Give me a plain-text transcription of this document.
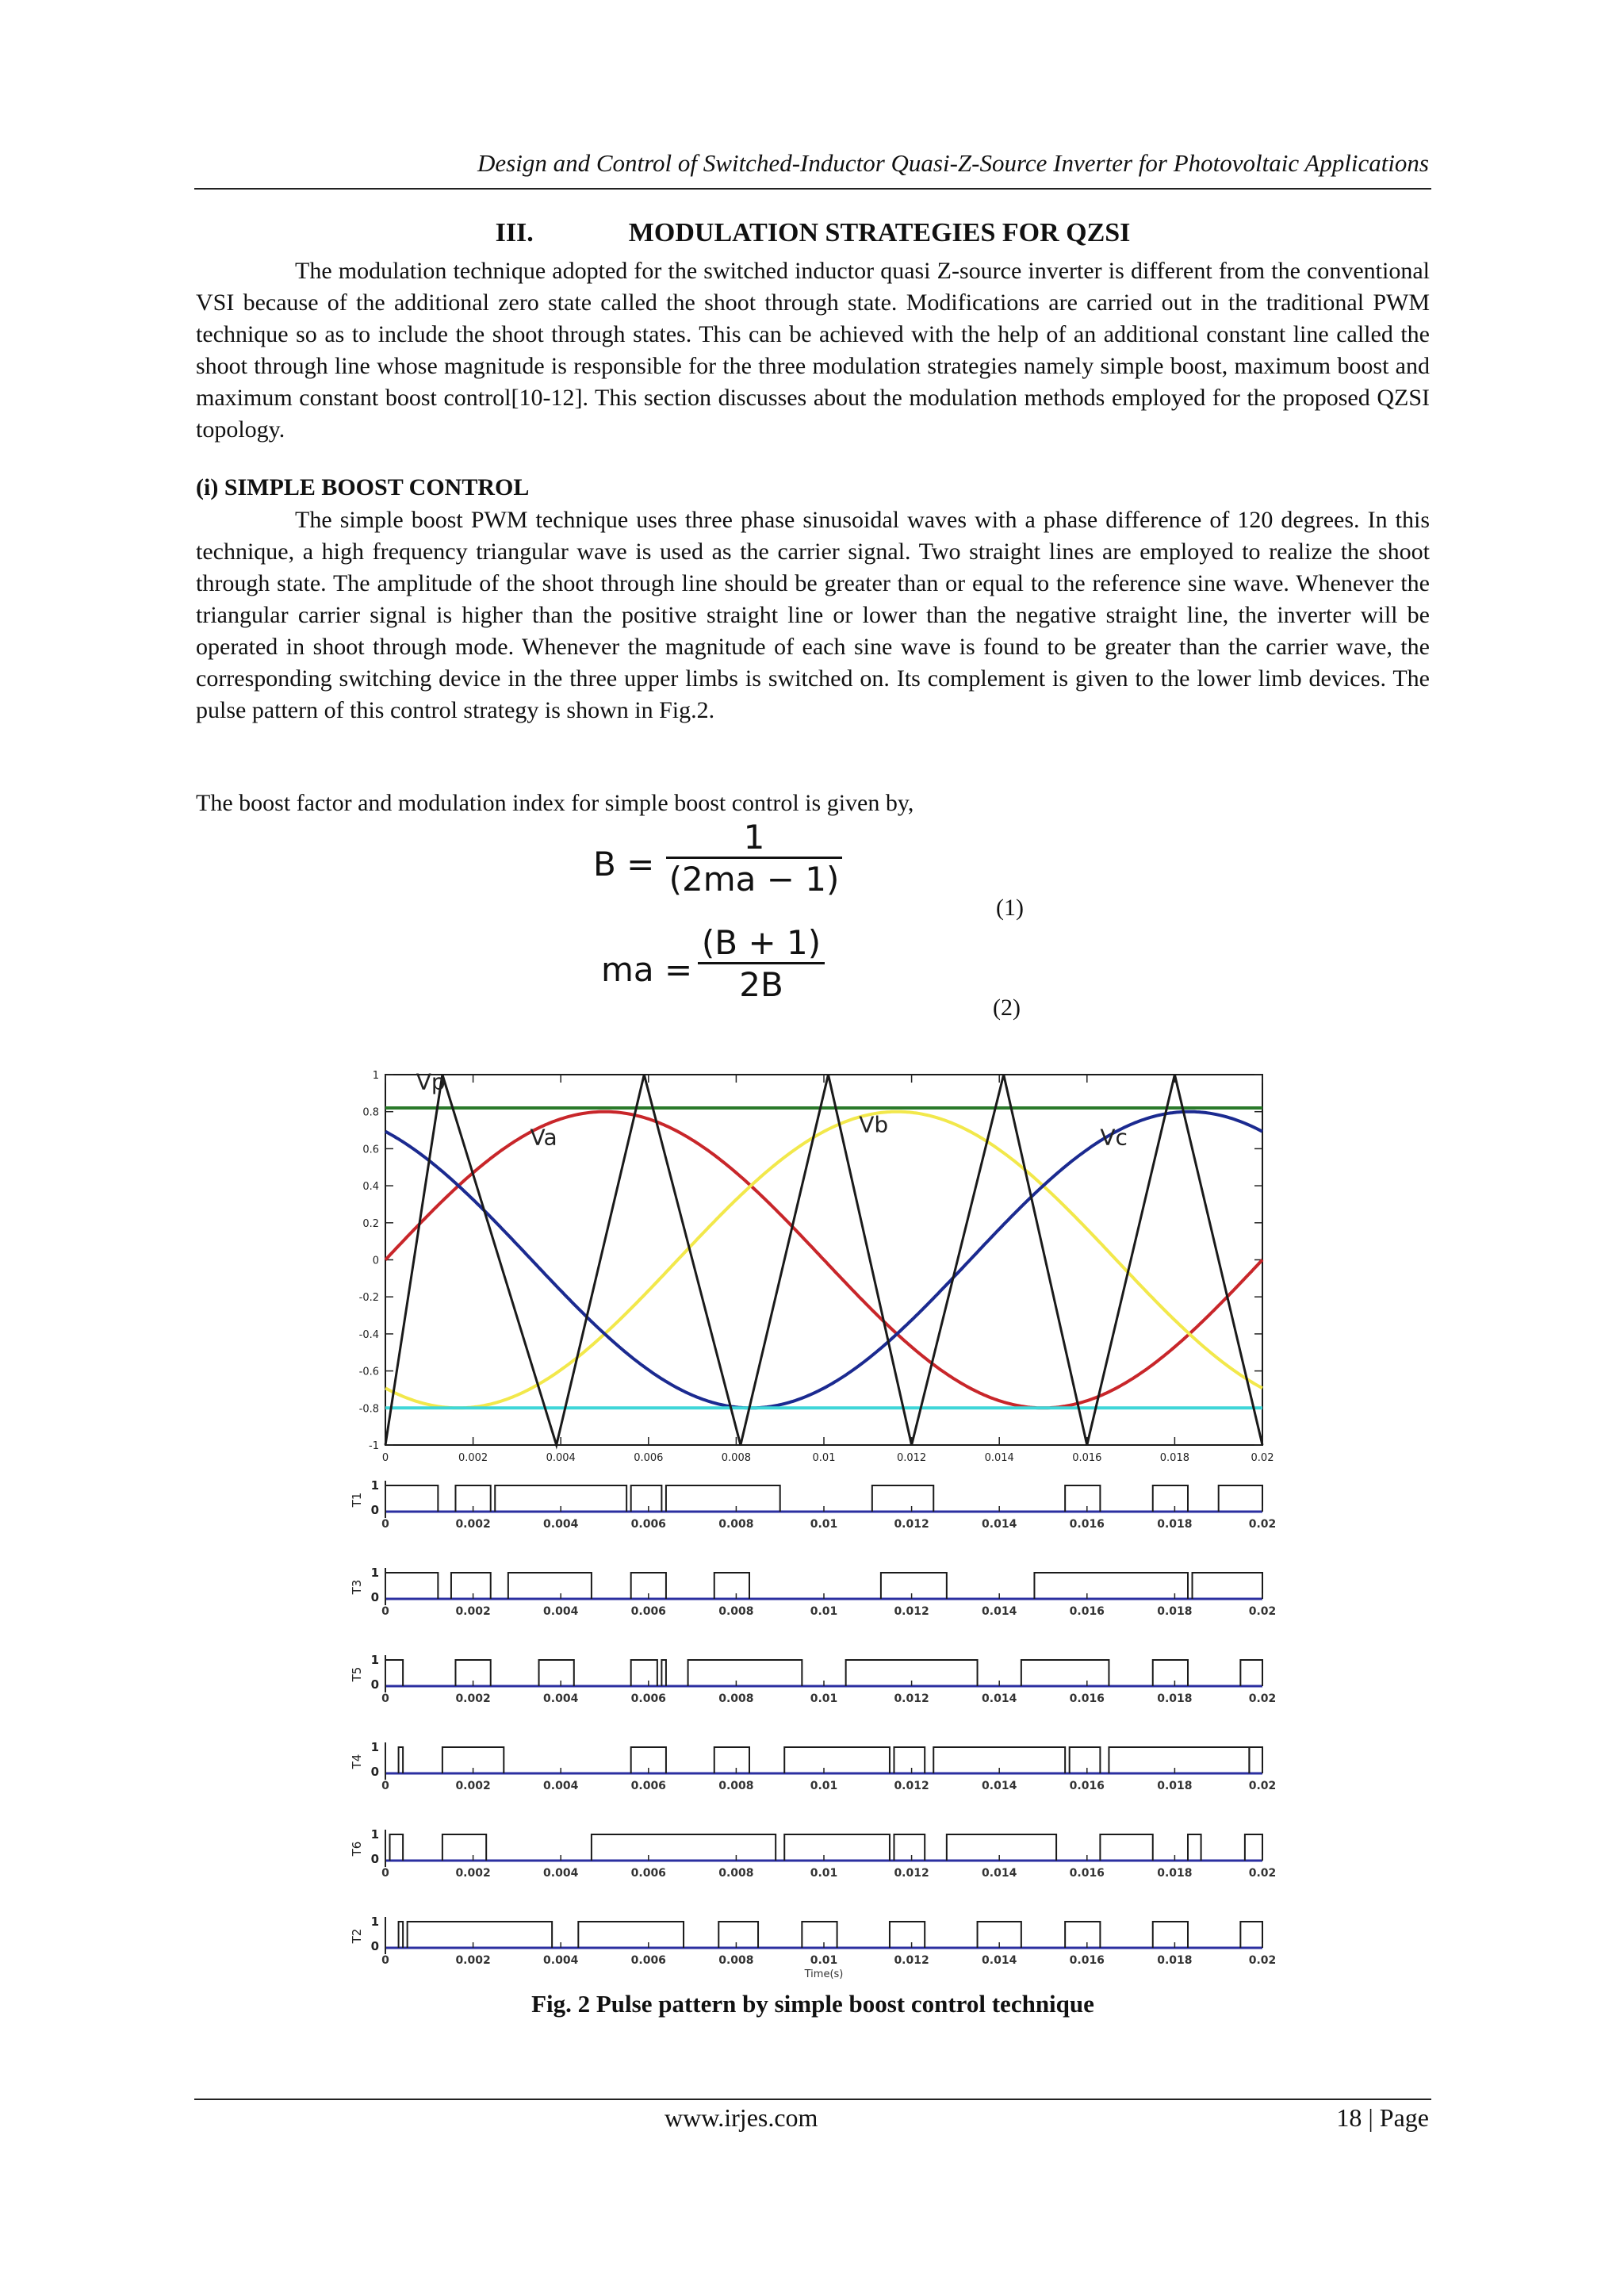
Design and Control of Switched-Inductor Quasi-Z-Source Inverter for Photovoltaic Applications
III.	MODULATION STRATEGIES FOR QZSI

The modulation technique adopted for the switched inductor quasi Z-source inverter is different from the conventional VSI because of the additional zero state called the shoot through state. Modifications are carried out in the traditional PWM technique so as to include the shoot through states. This can be achieved with the help of an additional constant line called the shoot through line whose magnitude is responsible for the three modulation strategies namely simple boost, maximum boost and maximum constant boost control[10-12]. This section discusses about the modulation methods employed for the proposed QZSI topology.

(i) SIMPLE BOOST CONTROL

The simple boost PWM technique uses three phase sinusoidal waves with a phase difference of 120 degrees. In this technique, a high frequency triangular wave is used as the carrier signal. Two straight lines are employed to realize the shoot through state. The amplitude of the shoot through line should be greater than or equal to the reference sine wave. Whenever the triangular carrier signal is higher than the positive straight line or lower than the negative straight line, the inverter will be operated in shoot through mode. Whenever the magnitude of each sine wave is found to be greater than the carrier wave, the corresponding switching device in the three upper limbs is switched on. Its complement is given to the lower limb devices. The pulse pattern of this control strategy is shown in Fig.2.

The boost factor and modulation index for simple boost control is given by,

B =
1
(2ma − 1)
(1)
ma =
(B + 1)
2B
(2)
0	0.002	0.004	0.006	0.008	0.01	0.012	0.014	0.016	0.018	0.02
1
0.8
0.6
0.4
0.2
0
-0.2
-0.4
-0.6
-0.8
-1
Vp
Va	Vb	Vc
1
0
T1
0	0.002	0.004	0.006	0.008	0.01	0.012	0.014	0.016	0.018	0.02
1
0
T3
0	0.002	0.004	0.006	0.008	0.01	0.012	0.014	0.016	0.018	0.02
1
0
T5
0	0.002	0.004	0.006	0.008	0.01	0.012	0.014	0.016	0.018	0.02
1
0
T4
0	0.002	0.004	0.006	0.008	0.01	0.012	0.014	0.016	0.018	0.02
1
0
T6
0	0.002	0.004	0.006	0.008	0.01	0.012	0.014	0.016	0.018	0.02
1
0
T2
0	0.002	0.004	0.006	0.008	0.01	0.012	0.014	0.016	0.018	0.02
Time(s)
Fig. 2 Pulse pattern by simple boost control technique
www.irjes.com	18 | Page
